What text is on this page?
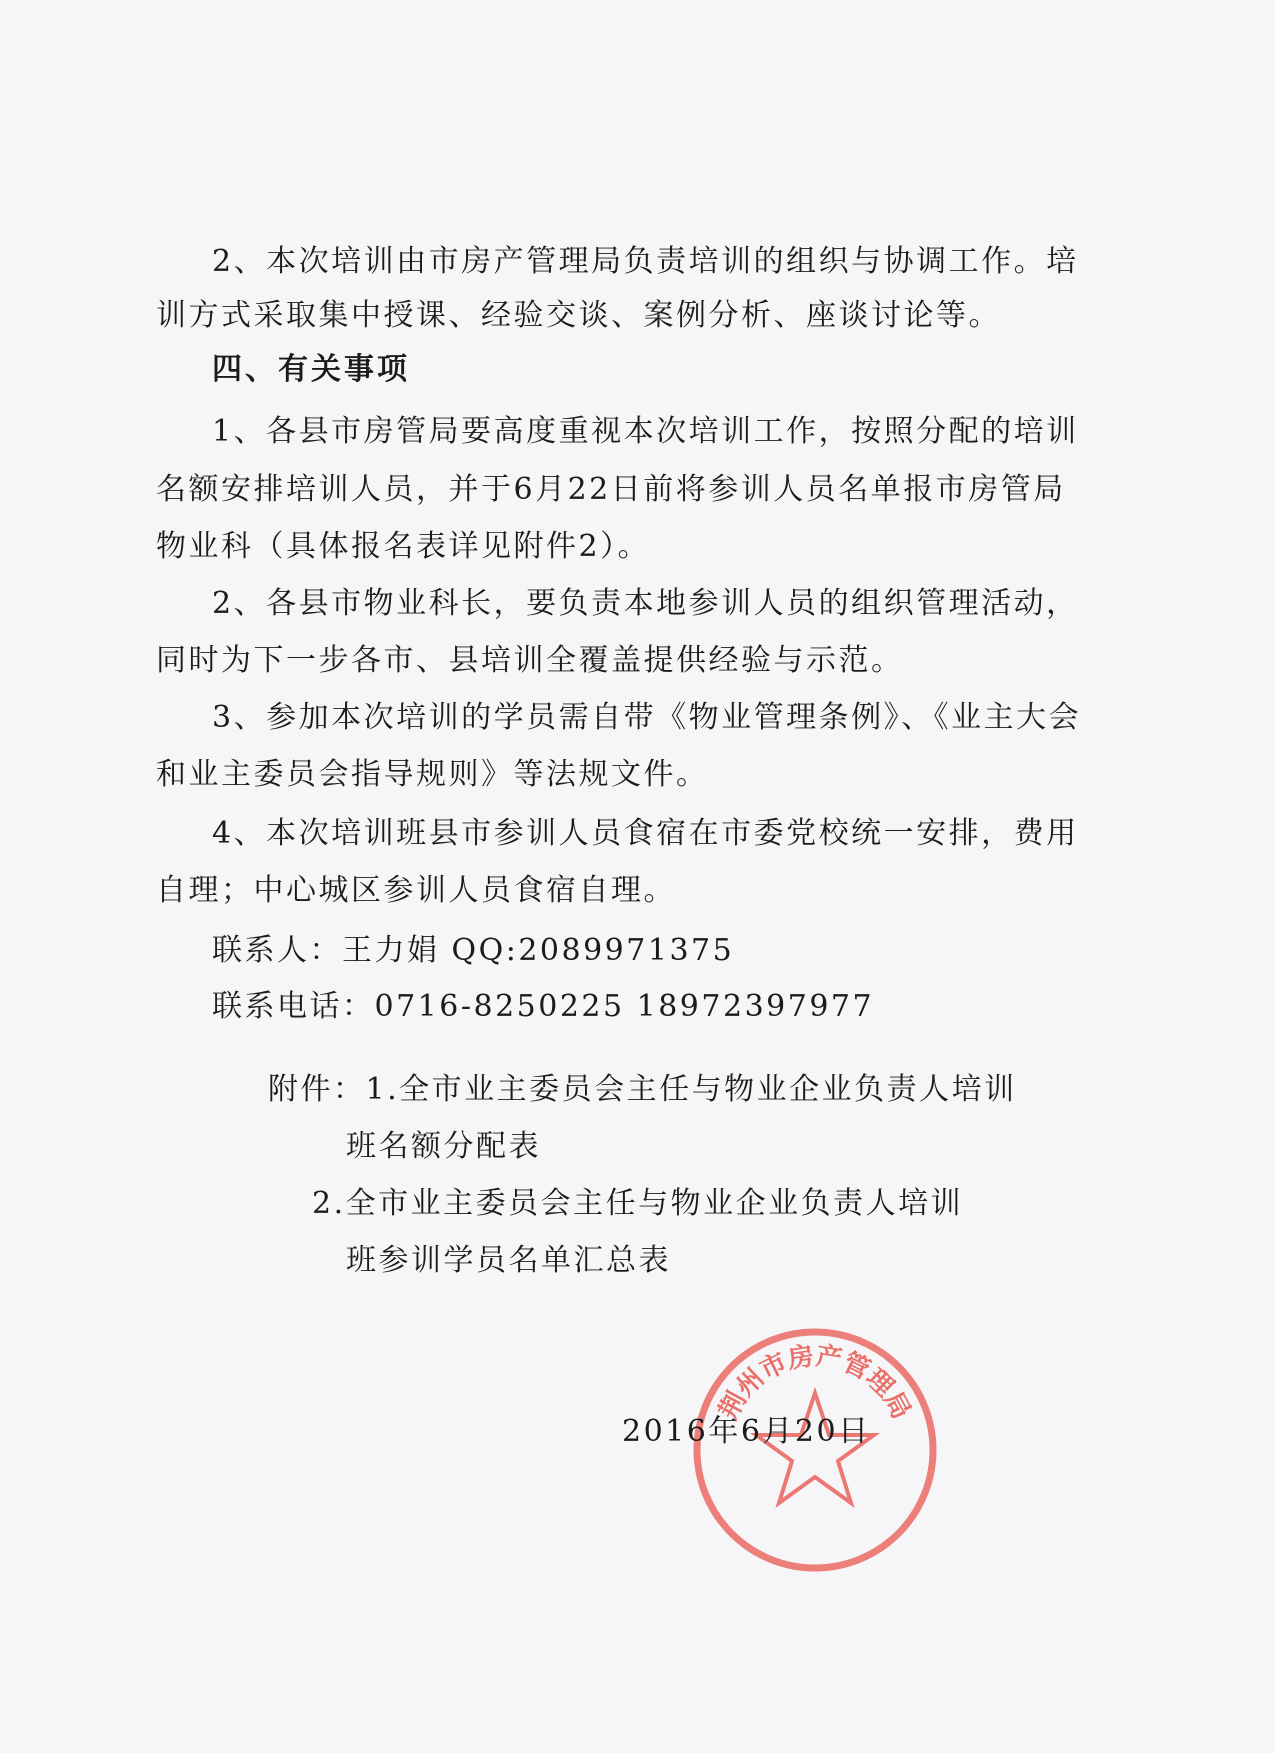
2、本次培训由市房产管理局负责培训的组织与协调工作。培
训方式采取集中授课、经验交谈、案例分析、座谈讨论等。
四、有关事项
1、各县市房管局要高度重视本次培训工作，按照分配的培训
名额安排培训人员，并于6月22日前将参训人员名单报市房管局
物业科（具体报名表详见附件2）。
2、各县市物业科长，要负责本地参训人员的组织管理活动，
同时为下一步各市、县培训全覆盖提供经验与示范。
3、参加本次培训的学员需自带《物业管理条例》、《业主大会
和业主委员会指导规则》等法规文件。
4、本次培训班县市参训人员食宿在市委党校统一安排，费用
自理；中心城区参训人员食宿自理。
联系人：王力娟 QQ:2089971375
联系电话：0716-8250225 18972397977
附件：1.全市业主委员会主任与物业企业负责人培训
班名额分配表
2.全市业主委员会主任与物业企业负责人培训
班参训学员名单汇总表
荆州市房产管理局
2016年6月20日
